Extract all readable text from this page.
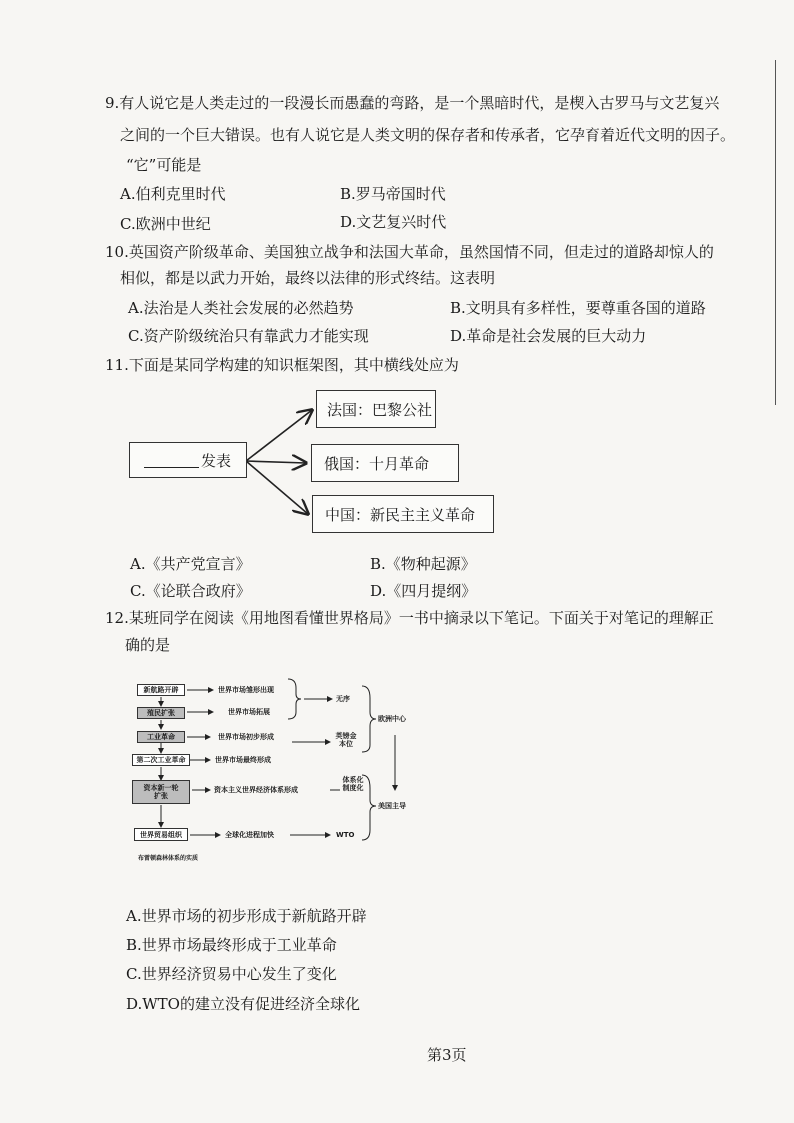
9.有人说它是人类走过的一段漫长而愚蠢的弯路，是一个黑暗时代，是楔入古罗马与文艺复兴
之间的一个巨大错误。也有人说它是人类文明的保存者和传承者，它孕育着近代文明的因子。
“它”可能是
A.伯利克里时代	B.罗马帝国时代
C.欧洲中世纪	D.文艺复兴时代
10.英国资产阶级革命、美国独立战争和法国大革命，虽然国情不同，但走过的道路却惊人的
相似，都是以武力开始，最终以法律的形式终结。这表明
A.法治是人类社会发展的必然趋势	B.文明具有多样性，要尊重各国的道路
C.资产阶级统治只有靠武力才能实现	D.革命是社会发展的巨大动力
11.下面是某同学构建的知识框架图，其中横线处应为
发表
法国：巴黎公社
俄国：十月革命
中国：新民主主义革命
A.《共产党宣言》	B.《物种起源》
C.《论联合政府》	D.《四月提纲》
12.某班同学在阅读《用地图看懂世界格局》一书中摘录以下笔记。下面关于对笔记的理解正
确的是
新航路开辟
殖民扩张
工业革命
第二次工业革命
资本新一轮扩张
世界贸易组织
世界市场雏形出现
世界市场拓展
世界市场初步形成
世界市场最终形成
资本主义世界经济体系形成
全球化进程加快
无序
英镑金本位
体系化制度化
WTO
欧洲中心
美国主导
布雷顿森林体系的实质
A.世界市场的初步形成于新航路开辟
B.世界市场最终形成于工业革命
C.世界经济贸易中心发生了变化
D.WTO的建立没有促进经济全球化
第3页
